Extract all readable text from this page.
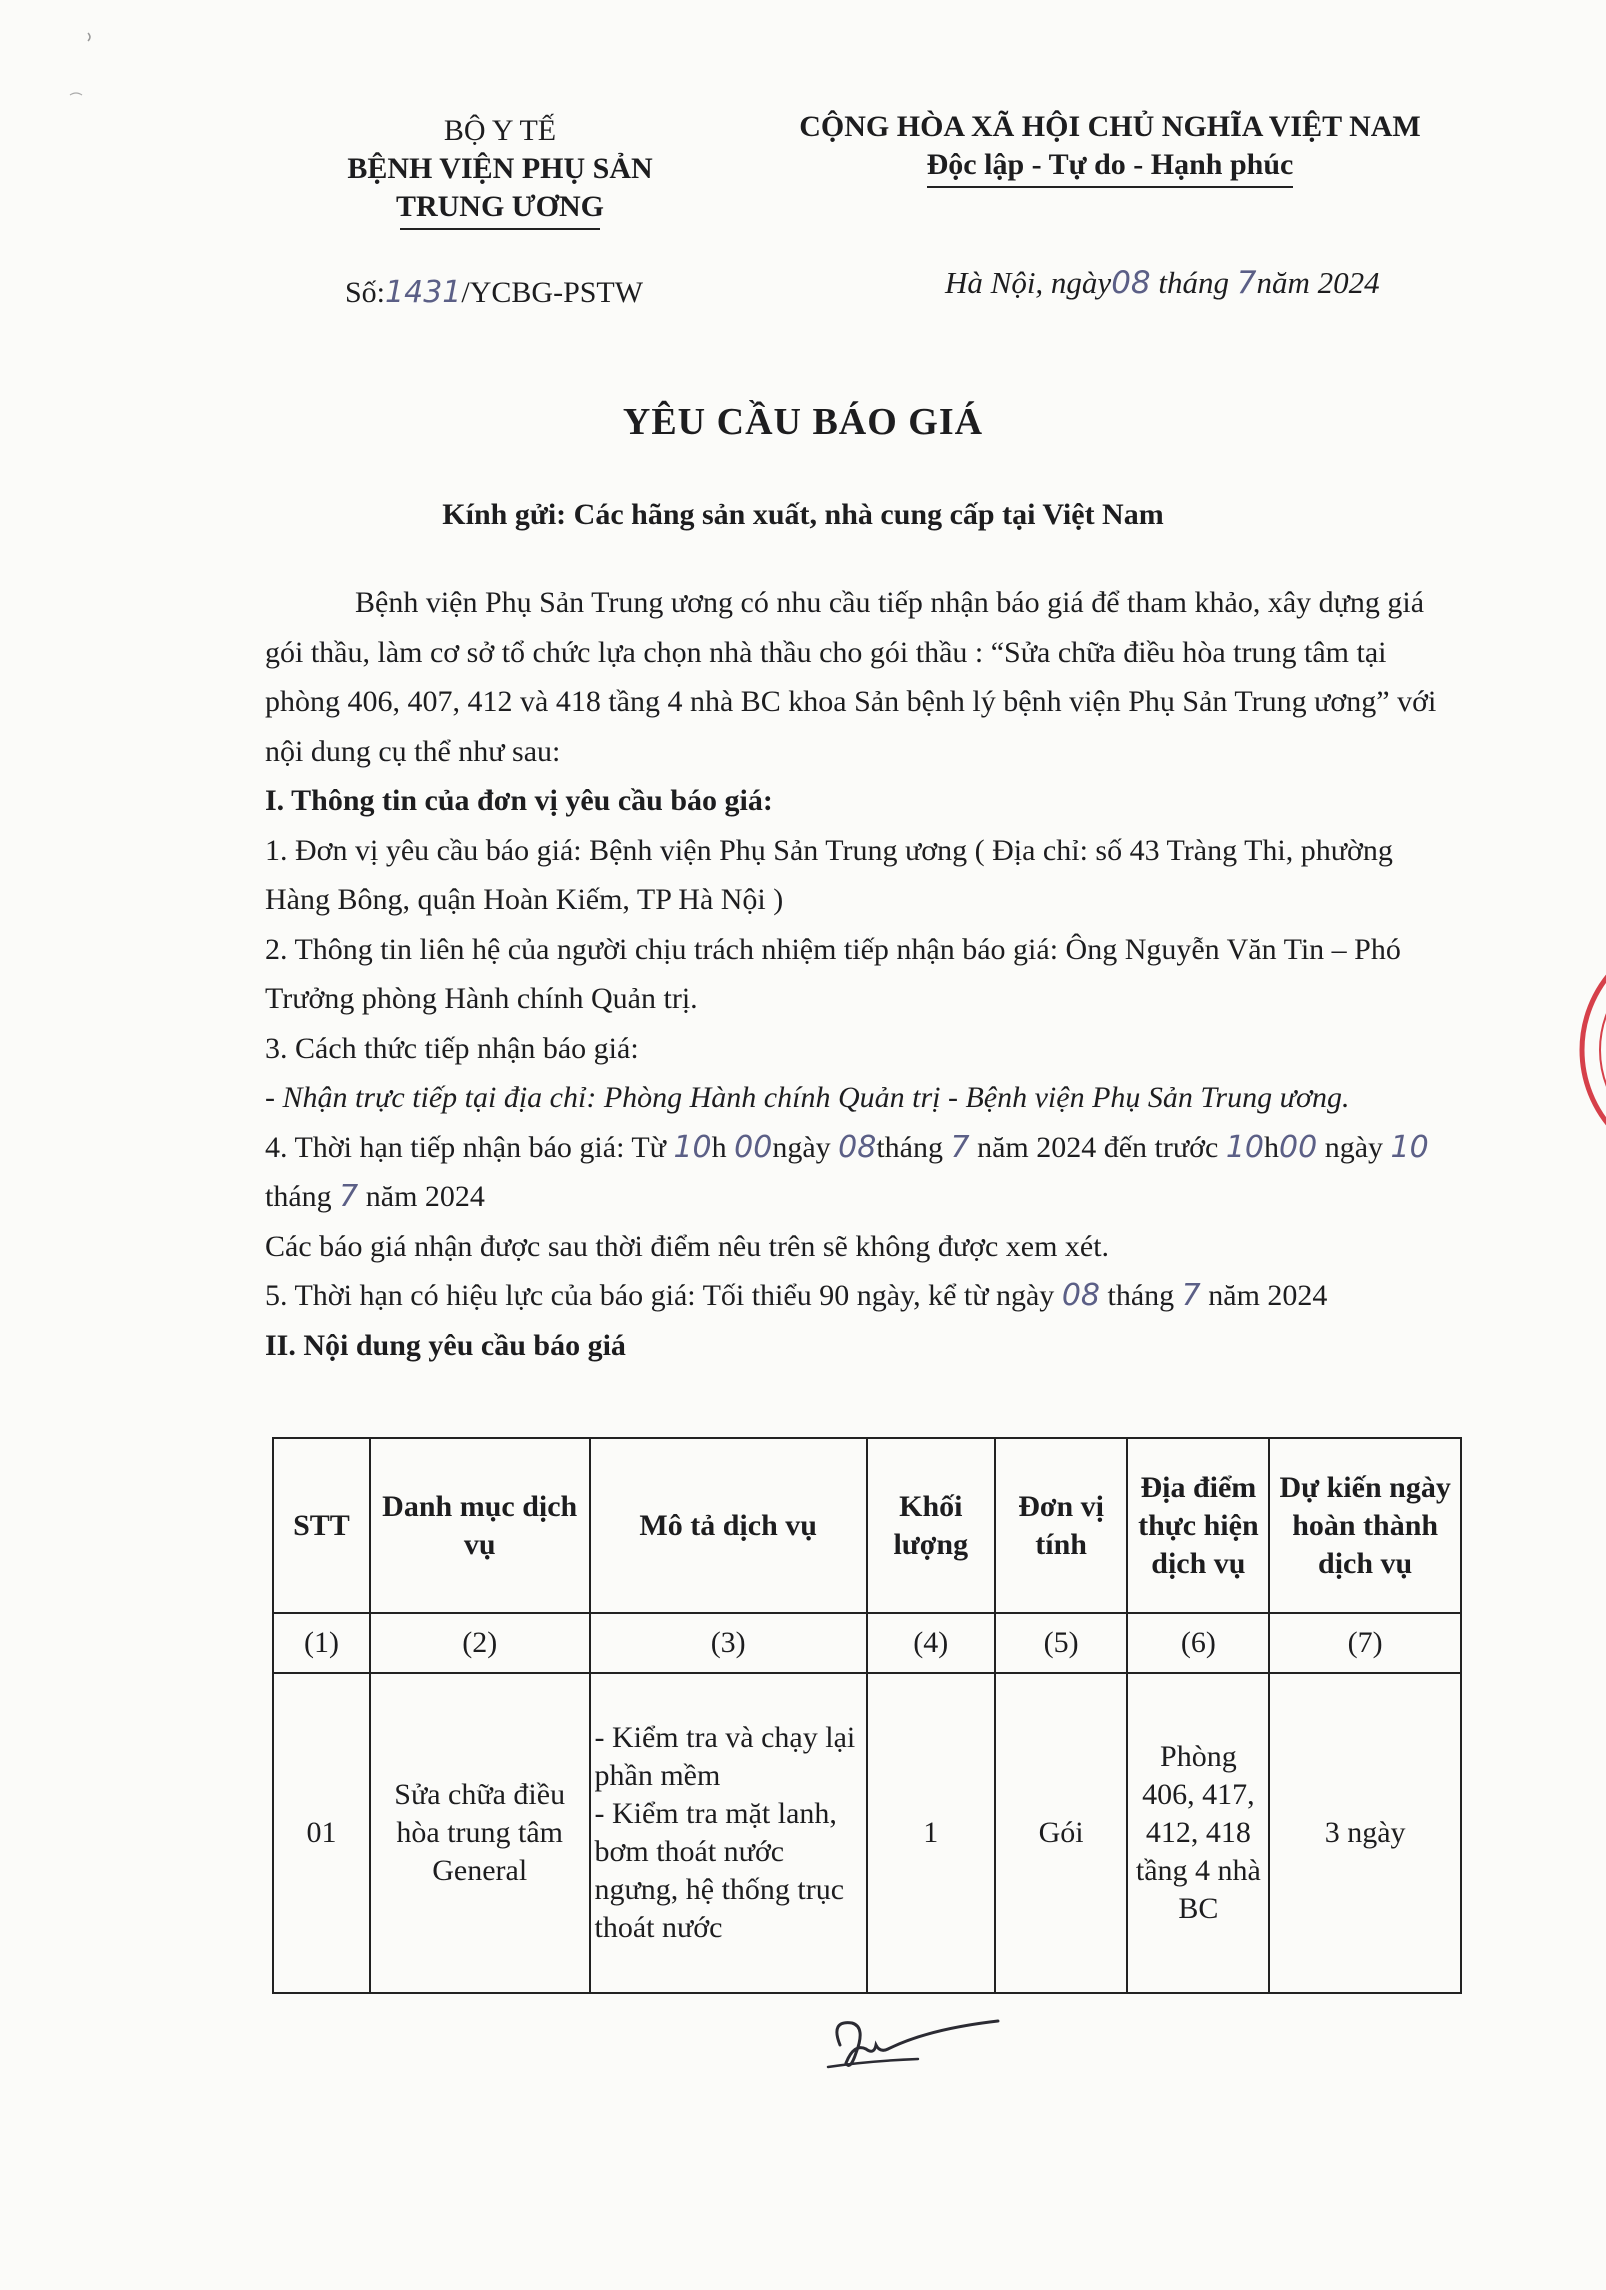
BỘ Y TẾ
BỆNH VIỆN PHỤ SẢN
TRUNG ƯƠNG
CỘNG HÒA XÃ HỘI CHỦ NGHĨA VIỆT NAM
Độc lập - Tự do - Hạnh phúc
Số:1431/YCBG-PSTW	Hà Nội, ngày08 tháng 7năm 2024
YÊU CẦU BÁO GIÁ
Kính gửi: Các hãng sản xuất, nhà cung cấp tại Việt Nam

Bệnh viện Phụ Sản Trung ương có nhu cầu tiếp nhận báo giá để tham khảo, xây dựng giá gói thầu, làm cơ sở tổ chức lựa chọn nhà thầu cho gói thầu : “Sửa chữa điều hòa trung tâm tại phòng 406, 407, 412 và 418 tầng 4 nhà BC khoa Sản bệnh lý bệnh viện Phụ Sản Trung ương” với nội dung cụ thể như sau:

I. Thông tin của đơn vị yêu cầu báo giá:

1. Đơn vị yêu cầu báo giá: Bệnh viện Phụ Sản Trung ương ( Địa chỉ: số 43 Tràng Thi, phường Hàng Bông, quận Hoàn Kiếm, TP Hà Nội )

2. Thông tin liên hệ của người chịu trách nhiệm tiếp nhận báo giá: Ông Nguyễn Văn Tin – Phó Trưởng phòng Hành chính Quản trị.

3. Cách thức tiếp nhận báo giá:

- Nhận trực tiếp tại địa chỉ: Phòng Hành chính Quản trị - Bệnh viện Phụ Sản Trung ương.

4. Thời hạn tiếp nhận báo giá: Từ 10h 00ngày 08tháng 7 năm 2024 đến trước 10h00 ngày 10 tháng 7 năm 2024

Các báo giá nhận được sau thời điểm nêu trên sẽ không được xem xét.

5. Thời hạn có hiệu lực của báo giá: Tối thiểu 90 ngày, kể từ ngày 08 tháng 7 năm 2024

II. Nội dung yêu cầu báo giá

STT	Danh mục dịch vụ	Mô tả dịch vụ	Khối lượng	Đơn vị tính	Địa điểm thực hiện dịch vụ	Dự kiến ngày hoàn thành dịch vụ
(1)	(2)	(3)	(4)	(5)	(6)	(7)
01	Sửa chữa điều hòa trung tâm General	- Kiểm tra và chạy lại phần mềm
- Kiểm tra mặt lanh, bơm thoát nước ngưng, hệ thống trục thoát nước	1	Gói	Phòng 406, 417, 412, 418 tầng 4 nhà BC	3 ngày
